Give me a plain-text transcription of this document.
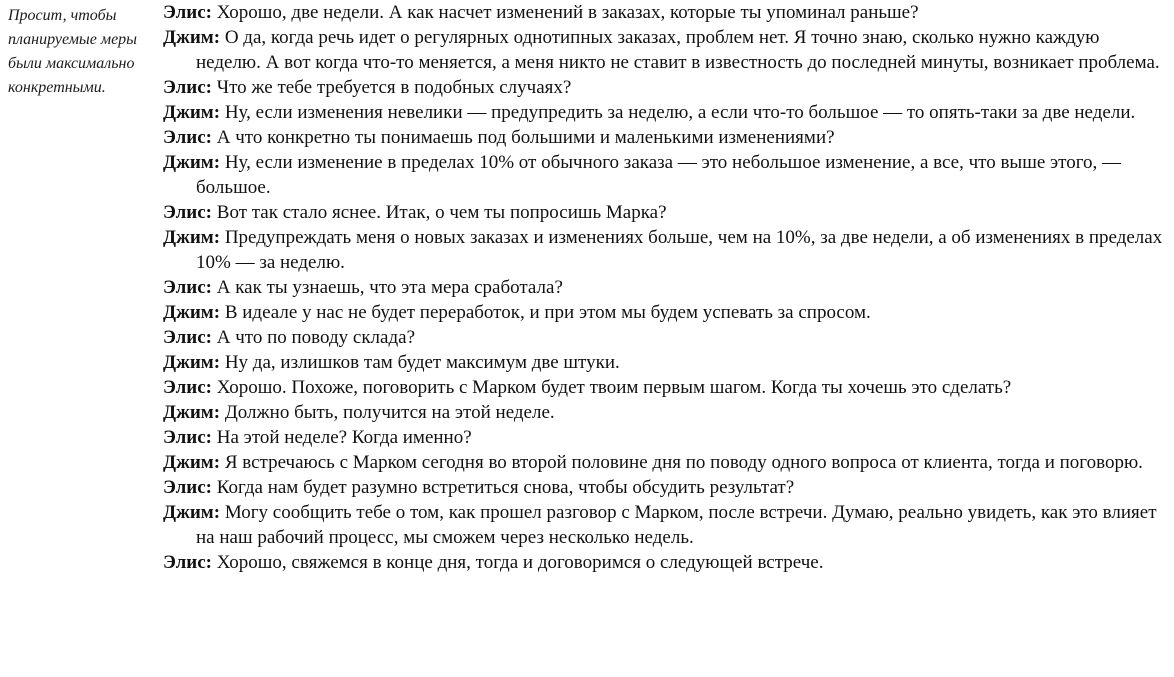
Просит, чтобы планируемые меры были максимально конкретными.

Элис: Хорошо, две недели. А как насчет изменений в заказах, которые ты упоминал раньше?

Джим: О да, когда речь идет о регулярных однотипных заказах, проблем нет. Я точно знаю, сколько нужно каждую неделю. А вот когда что-то меняется, а меня никто не ставит в известность до последней минуты, возникает проблема.

Элис: Что же тебе требуется в подобных случаях?

Джим: Ну, если изменения невелики — предупредить за неделю, а если что-то большое — то опять-таки за две недели.

Элис: А что конкретно ты понимаешь под большими и маленькими изменениями?

Джим: Ну, если изменение в пределах 10% от обычного заказа — это небольшое изменение, а все, что выше этого, — большое.

Элис: Вот так стало яснее. Итак, о чем ты попросишь Марка?

Джим: Предупреждать меня о новых заказах и изменениях больше, чем на 10%, за две недели, а об изменениях в пределах 10% — за неделю.

Элис: А как ты узнаешь, что эта мера сработала?

Джим: В идеале у нас не будет переработок, и при этом мы будем успевать за спросом.

Элис: А что по поводу склада?

Джим: Ну да, излишков там будет максимум две штуки.

Элис: Хорошо. Похоже, поговорить с Марком будет твоим первым шагом. Когда ты хочешь это сделать?

Джим: Должно быть, получится на этой неделе.

Элис: На этой неделе? Когда именно?

Джим: Я встречаюсь с Марком сегодня во второй половине дня по поводу одного вопроса от клиента, тогда и поговорю.

Элис: Когда нам будет разумно встретиться снова, чтобы обсудить результат?

Джим: Могу сообщить тебе о том, как прошел разговор с Марком, после встречи. Думаю, реально увидеть, как это влияет на наш рабочий процесс, мы сможем через несколько недель.

Элис: Хорошо, свяжемся в конце дня, тогда и договоримся о следующей встрече.
